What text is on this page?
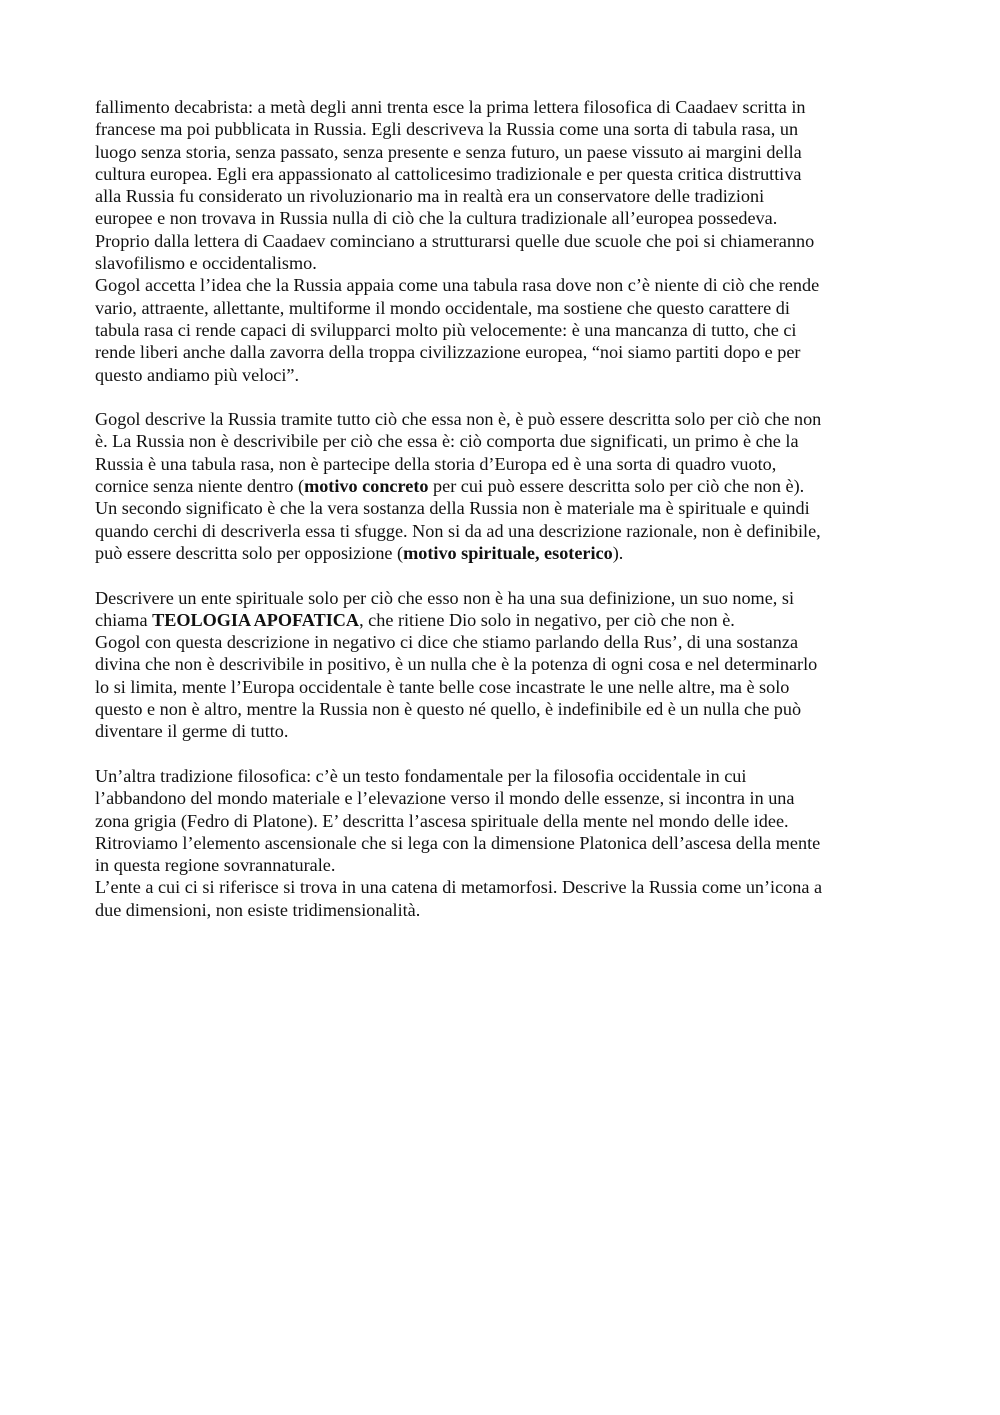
fallimento decabrista: a metà degli anni trenta esce la prima lettera filosofica di Caadaev scritta in
francese ma poi pubblicata in Russia. Egli descriveva la Russia come una sorta di tabula rasa, un
luogo senza storia, senza passato, senza presente e senza futuro, un paese vissuto ai margini della
cultura europea. Egli era appassionato al cattolicesimo tradizionale e per questa critica distruttiva
alla Russia fu considerato un rivoluzionario ma in realtà era un conservatore delle tradizioni
europee e non trovava in Russia nulla di ciò che la cultura tradizionale all’europea possedeva.
Proprio dalla lettera di Caadaev cominciano a strutturarsi quelle due scuole che poi si chiameranno
slavofilismo e occidentalismo.
Gogol accetta l’idea che la Russia appaia come una tabula rasa dove non c’è niente di ciò che rende
vario, attraente, allettante, multiforme il mondo occidentale, ma sostiene che questo carattere di
tabula rasa ci rende capaci di svilupparci molto più velocemente: è una mancanza di tutto, che ci
rende liberi anche dalla zavorra della troppa civilizzazione europea, “noi siamo partiti dopo e per
questo andiamo più veloci”.
Gogol descrive la Russia tramite tutto ciò che essa non è, è può essere descritta solo per ciò che non
è. La Russia non è descrivibile per ciò che essa è: ciò comporta due significati, un primo è che la
Russia è una tabula rasa, non è partecipe della storia d’Europa ed è una sorta di quadro vuoto,
cornice senza niente dentro (motivo concreto per cui può essere descritta solo per ciò che non è).
Un secondo significato è che la vera sostanza della Russia non è materiale ma è spirituale e quindi
quando cerchi di descriverla essa ti sfugge. Non si da ad una descrizione razionale, non è definibile,
può essere descritta solo per opposizione (motivo spirituale, esoterico).
Descrivere un ente spirituale solo per ciò che esso non è ha una sua definizione, un suo nome, si
chiama TEOLOGIA APOFATICA, che ritiene Dio solo in negativo, per ciò che non è.
Gogol con questa descrizione in negativo ci dice che stiamo parlando della Rus’, di una sostanza
divina che non è descrivibile in positivo, è un nulla che è la potenza di ogni cosa e nel determinarlo
lo si limita, mente l’Europa occidentale è tante belle cose incastrate le une nelle altre, ma è solo
questo e non è altro, mentre la Russia non è questo né quello, è indefinibile ed è un nulla che può
diventare il germe di tutto.
Un’altra tradizione filosofica: c’è un testo fondamentale per la filosofia occidentale in cui
l’abbandono del mondo materiale e l’elevazione verso il mondo delle essenze, si incontra in una
zona grigia (Fedro di Platone). E’ descritta l’ascesa spirituale della mente nel mondo delle idee.
Ritroviamo l’elemento ascensionale che si lega con la dimensione Platonica dell’ascesa della mente
in questa regione sovrannaturale.
L’ente a cui ci si riferisce si trova in una catena di metamorfosi. Descrive la Russia come un’icona a
due dimensioni, non esiste tridimensionalità.
